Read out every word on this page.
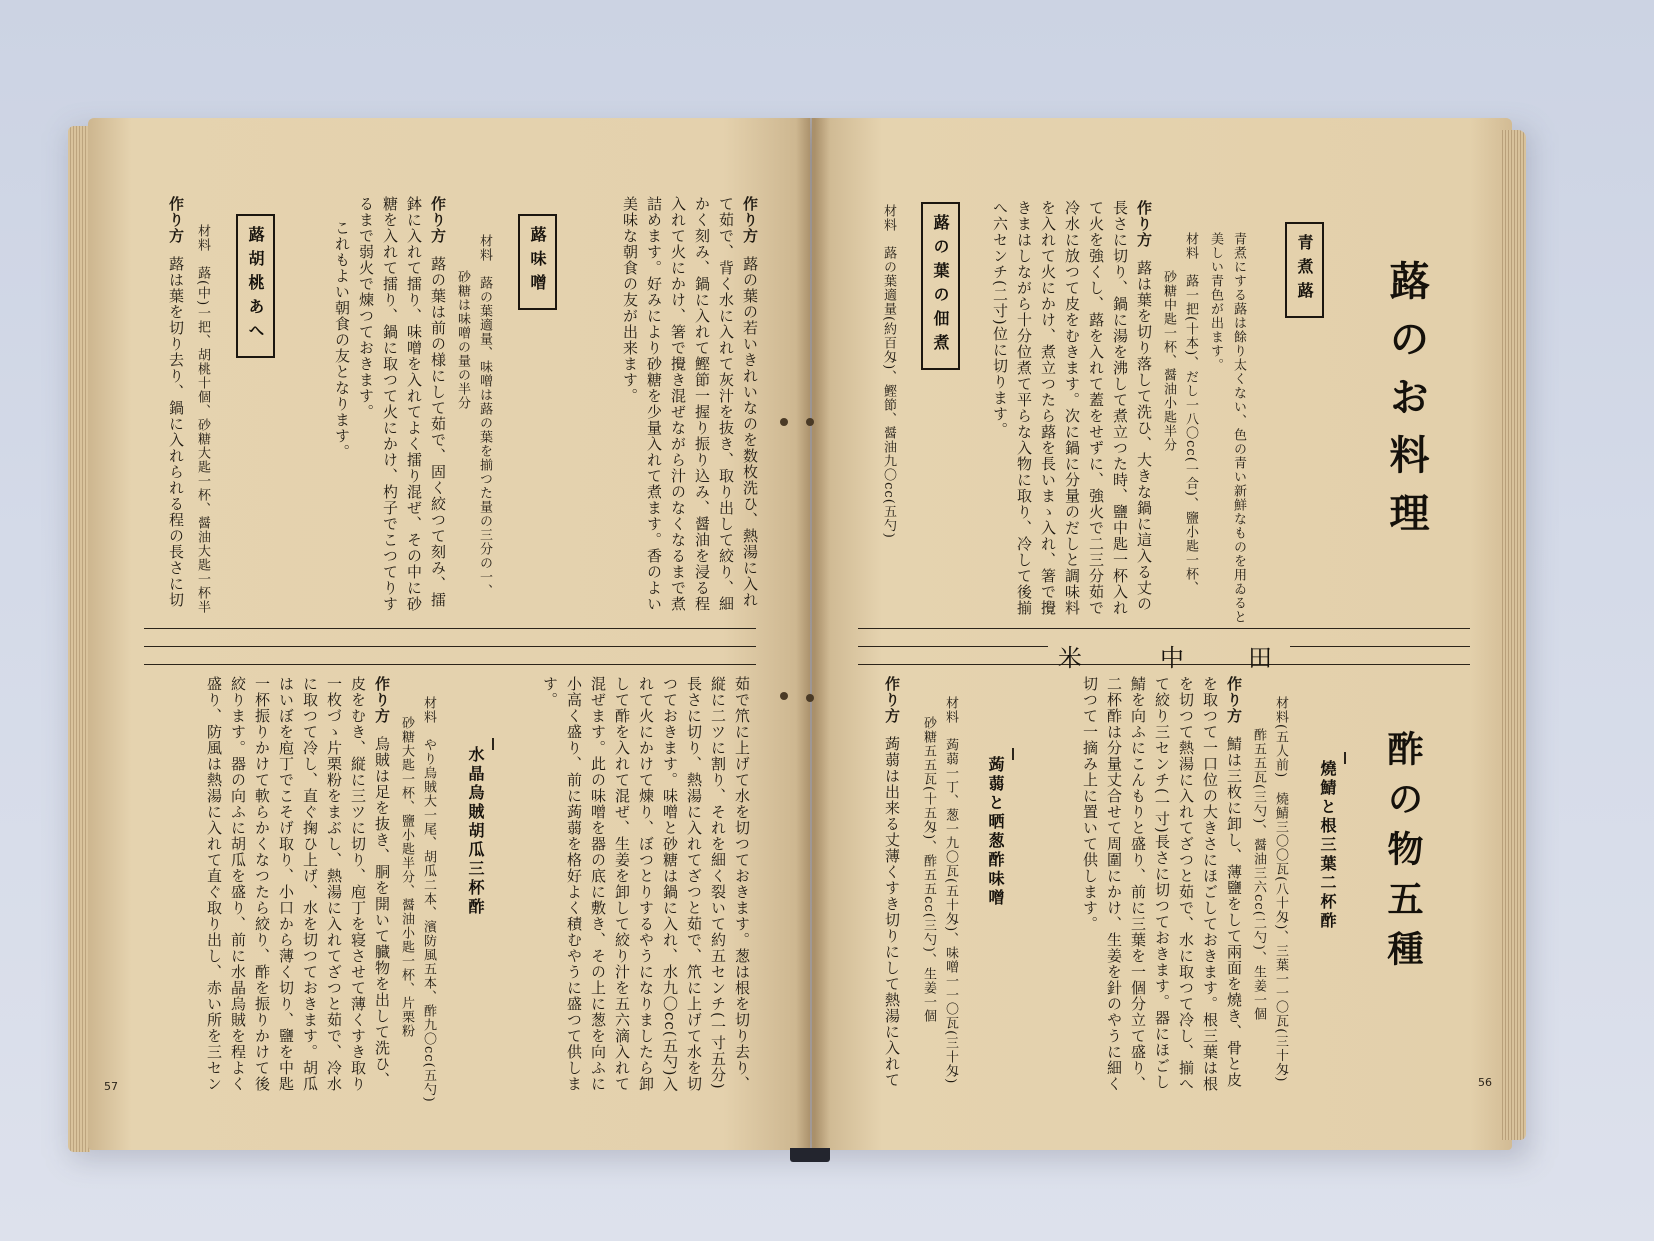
蕗のお料理
青煮蕗
青煮にする蕗は餘り太くない、色の青い新鮮なものを用ゐると
美しい青色が出ます。
材料　蕗一把(十本)、だし一八〇cc(一合)、鹽小匙一杯、
砂糖中匙一杯、醤油小匙半分
作り方
蕗は葉を切り落して洗ひ、大きな鍋に這入る丈の
長さに切り、鍋に湯を沸して煮立つた時、鹽中匙一杯入れ
て火を強くし、蕗を入れて蓋をせずに、強火で二三分茹で
冷水に放つて皮をむきます。次に鍋に分量のだしと調味料
を入れて火にかけ、煮立つたら蕗を長いまゝ入れ、箸で攪
きまはしながら十分位煮て平らな入物に取り、冷して後揃
へ六センチ(二寸)位に切ります。
蕗の葉の佃煮
材料　蕗の葉適量(約百匁)、鰹節、醤油九〇cc(五勺)
米	中	田
酢の物五種
燒鯖と根三葉二杯酢
材料(五人前)　燒鯖三〇〇瓦(八十匁)、三葉一一〇瓦(三十匁)
酢五五瓦(三勺)、醤油三六cc(二勺)、生姜一個
作り方
鯖は三枚に卸し、薄鹽をして兩面を燒き、骨と皮
を取つて一口位の大きさにほごしておきます。根三葉は根
を切つて熱湯に入れてざつと茹で、水に取つて冷し、揃へ
て絞り三センチ(一寸)長さに切つておきます。器にほごし
鯖を向ふにこんもりと盛り、前に三葉を一個分立て盛り、
二杯酢は分量丈合せて周圍にかけ、生姜を針のやうに細く
切つて一摘み上に置いて供します。
蒟蒻と晒葱酢味噌
材料　蒟蒻一丁、葱一九〇瓦(五十匁)、味噌一一〇瓦(三十匁)
砂糖五五瓦(十五匁)、酢五五cc(三勺)、生姜一個
作り方
蒟蒻は出来る丈薄くすき切りにして熱湯に入れて	56
作り方
蕗の葉の若いきれいなのを数枚洗ひ、熱湯に入れ
て茹で、背く水に入れて灰汁を抜き、取り出して絞り、細
かく刻み、鍋に入れて鰹節一握り振り込み、醤油を浸る程
入れて火にかけ、箸で攪き混ぜながら汁のなくなるまで煮
詰めます。好みにより砂糖を少量入れて煮ます。香のよい
美味な朝食の友が出来ます。
蕗味噌
材料　蕗の葉適量、味噌は蕗の葉を揃つた量の三分の一、
砂糖は味噌の量の半分
作り方
蕗の葉は前の様にして茹で、固く絞つて刻み、擂
鉢に入れて擂り、味噌を入れてよく擂り混ぜ、その中に砂
糖を入れて擂り、鍋に取つて火にかけ、杓子でこつてりす
るまで弱火で煉つておきます。
これもよい朝食の友となります。
蕗胡桃あへ
材料　蕗(中)一把、胡桃十個、砂糖大匙一杯、醤油大匙一杯半
作り方
蕗は葉を切り去り、鍋に入れられる程の長さに切
茹で笊に上げて水を切つておきます。葱は根を切り去り、
縦に二ツに割り、それを細く裂いて約五センチ(一寸五分)
長さに切り、熱湯に入れてざつと茹で、笊に上げて水を切
つておきます。味噌と砂糖は鍋に入れ、水九〇cc(五勺)入
れて火にかけて煉り、ぼつとりするやうになりましたら卸
して酢を入れて混ぜ、生姜を卸して絞り汁を五六滴入れて
混ぜます。此の味噌を器の底に敷き、その上に葱を向ふに
小高く盛り、前に蒟蒻を格好よく積むやうに盛つて供しま
す。
水晶烏賊胡瓜三杯酢
材料　やり烏賊大一尾、胡瓜二本、濱防風五本、酢九〇cc(五勺)
砂糖大匙一杯、鹽小匙半分、醤油小匙一杯、片栗粉
作り方
烏賊は足を抜き、胴を開いて臓物を出して洗ひ、
皮をむき、縦に三ツに切り、庖丁を寝させて薄くすき取り
一枚づゝ片栗粉をまぶし、熱湯に入れてざつと茹で、冷水
に取つて冷し、直ぐ掬ひ上げ、水を切つておきます。胡瓜
はいぼを庖丁でこそげ取り、小口から薄く切り、鹽を中匙
一杯振りかけて軟らかくなつたら絞り、酢を振りかけて後
絞ります。器の向ふに胡瓜を盛り、前に水晶烏賊を程よく
盛り、防風は熱湯に入れて直ぐ取り出し、赤い所を三セン
57
